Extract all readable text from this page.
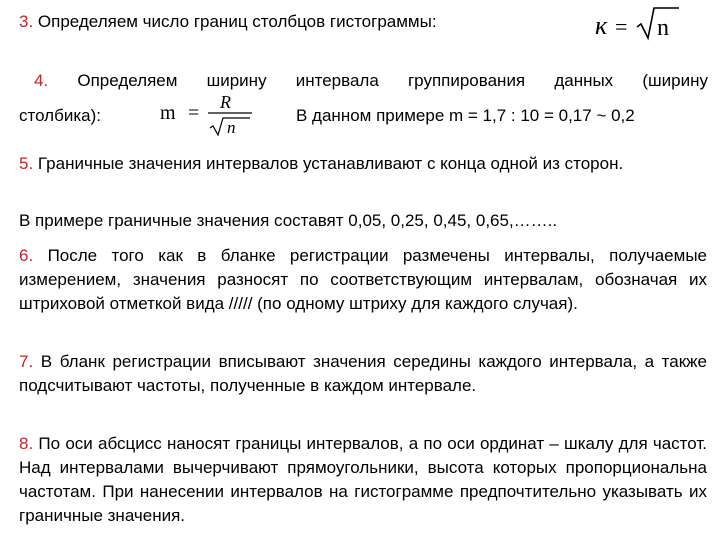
3. Определяем число границ столбцов гистограммы:	к = n
4. Определяем ширину интервала группирования данных (ширину
столбика):	m = R
n
В данном примере m = 1,7 : 10 = 0,17 ~ 0,2
5. Граничные значения интервалов устанавливают с конца одной из сторон.
В примере граничные значения составят 0,05, 0,25, 0,45, 0,65,……..
6. После того как в бланке регистрации размечены интервалы, получаемые измерением, значения разносят по соответствующим интервалам, обозначая их штриховой отметкой вида ///// (по одному штриху для каждого случая).
7. В бланк регистрации вписывают значения середины каждого интервала, а также подсчитывают частоты, полученные в каждом интервале.
8. По оси абсцисс наносят границы интервалов, а по оси ординат – шкалу для частот. Над интервалами вычерчивают прямоугольники, высота которых пропорциональна частотам. При нанесении интервалов на гистограмме предпочтительно указывать их граничные значения.
